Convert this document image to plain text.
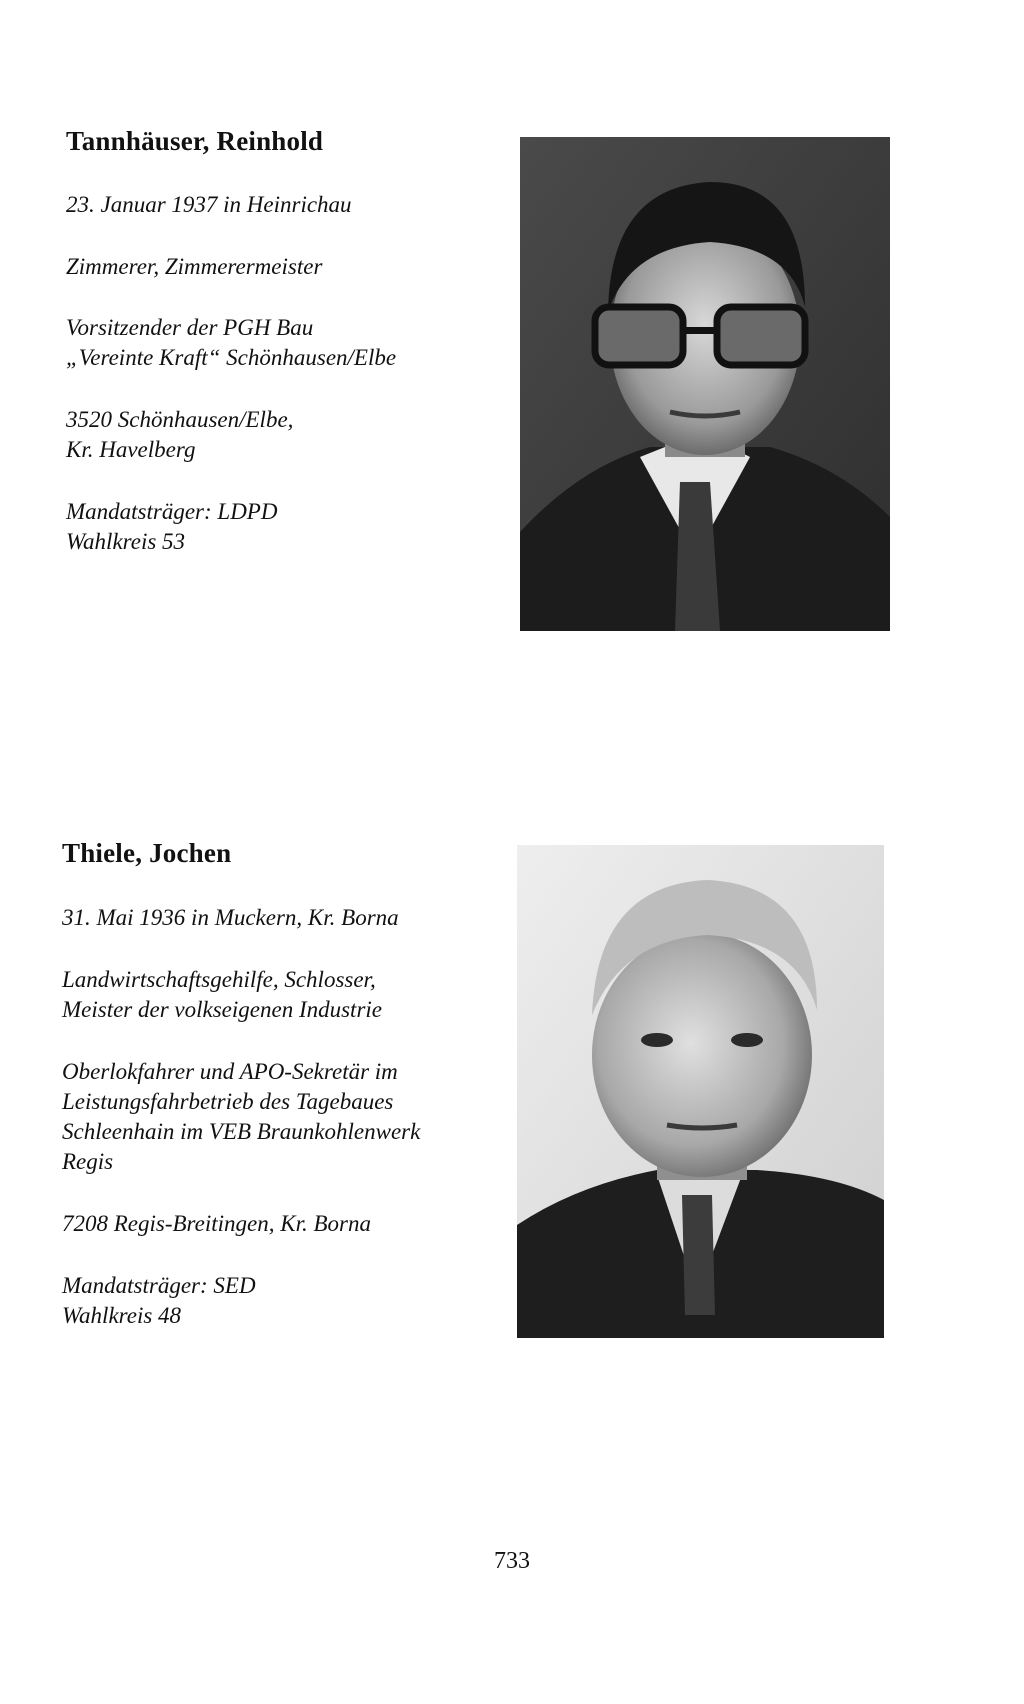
Tannhäuser, Reinhold
23. Januar 1937 in Heinrichau
Zimmerer, Zimmerermeister
Vorsitzender der PGH Bau
„Vereinte Kraft“ Schönhausen/Elbe
3520 Schönhausen/Elbe,
Kr. Havelberg
Mandatsträger: LDPD
Wahlkreis 53
Thiele, Jochen
31. Mai 1936 in Muckern, Kr. Borna
Landwirtschaftsgehilfe, Schlosser,
Meister der volkseigenen Industrie
Oberlokfahrer und APO-Sekretär im
Leistungsfahrbetrieb des Tagebaues
Schleenhain im VEB Braunkohlenwerk
Regis
7208 Regis-Breitingen, Kr. Borna
Mandatsträger: SED
Wahlkreis 48
733
